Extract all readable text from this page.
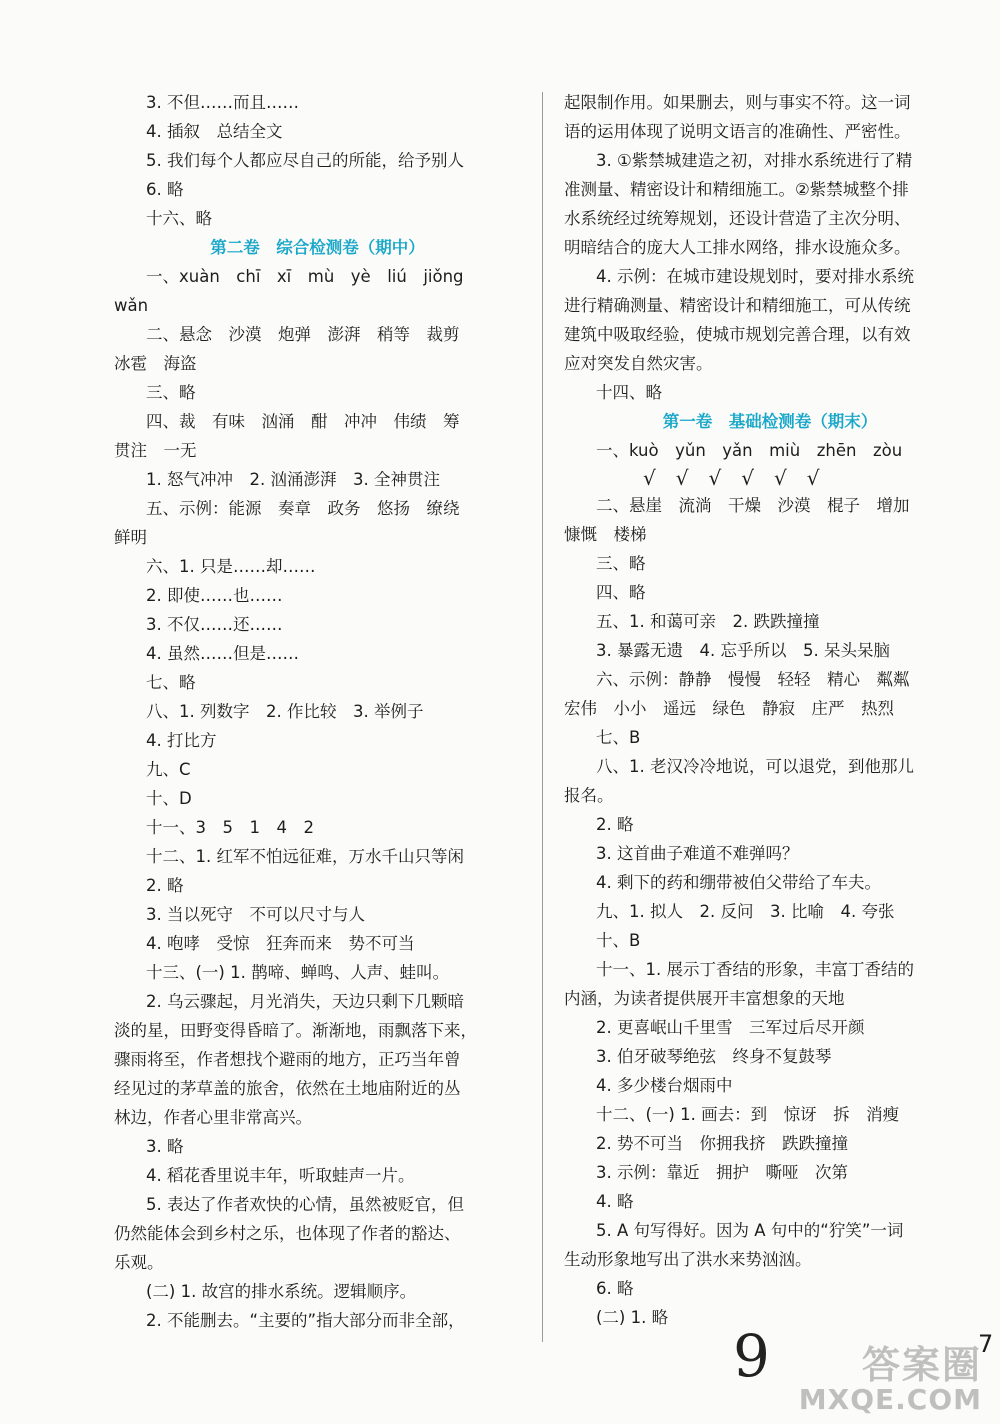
3. 不但……而且……
4. 插叙　总结全文
5. 我们每个人都应尽自己的所能，给予别人
6. 略
十六、略
第二卷　综合检测卷（期中）
一、xuàn　chī　xī　mù　yè　liú　jiǒng
wǎn
二、悬念　沙漠　炮弹　澎湃　稍等　裁剪
冰雹　海盗
三、略
四、裁　有味　汹涌　酣　冲冲　伟绩　筹
贯注　一无
1. 怒气冲冲　2. 汹涌澎湃　3. 全神贯注
五、示例：能源　奏章　政务　悠扬　缭绕
鲜明
六、1. 只是……却……
2. 即使……也……
3. 不仅……还……
4. 虽然……但是……
七、略
八、1. 列数字　2. 作比较　3. 举例子
4. 打比方
九、C
十、D
十一、3　5　1　4　2
十二、1. 红军不怕远征难，万水千山只等闲
2. 略
3. 当以死守　不可以尺寸与人
4. 咆哮　受惊　狂奔而来　势不可当
十三、(一) 1. 鹊啼、蝉鸣、人声、蛙叫。
2. 乌云骤起，月光消失，天边只剩下几颗暗
淡的星，田野变得昏暗了。渐渐地，雨飘落下来，
骤雨将至，作者想找个避雨的地方，正巧当年曾
经见过的茅草盖的旅舍，依然在土地庙附近的丛
林边，作者心里非常高兴。
3. 略
4. 稻花香里说丰年，听取蛙声一片。
5. 表达了作者欢快的心情，虽然被贬官，但
仍然能体会到乡村之乐，也体现了作者的豁达、
乐观。
(二) 1. 故宫的排水系统。逻辑顺序。
2. 不能删去。“主要的”指大部分而非全部，
起限制作用。如果删去，则与事实不符。这一词
语的运用体现了说明文语言的准确性、严密性。
3. ①紫禁城建造之初，对排水系统进行了精
准测量、精密设计和精细施工。②紫禁城整个排
水系统经过统筹规划，还设计营造了主次分明、
明暗结合的庞大人工排水网络，排水设施众多。
4. 示例：在城市建设规划时，要对排水系统
进行精确测量、精密设计和精细施工，可从传统
建筑中吸取经验，使城市规划完善合理，以有效
应对突发自然灾害。
十四、略
第一卷　基础检测卷（期末）
一、kuò　yǔn　yǎn　miù　zhēn　zòu
√　√　√　√　√　√
二、悬崖　流淌　干燥　沙漠　棍子　增加
慷慨　楼梯
三、略
四、略
五、1. 和蔼可亲　2. 跌跌撞撞
3. 暴露无遗　4. 忘乎所以　5. 呆头呆脑
六、示例：静静　慢慢　轻轻　精心　粼粼
宏伟　小小　遥远　绿色　静寂　庄严　热烈
七、B
八、1. 老汉冷冷地说，可以退党，到他那儿
报名。
2. 略
3. 这首曲子难道不难弹吗？
4. 剩下的药和绷带被伯父带给了车夫。
九、1. 拟人　2. 反问　3. 比喻　4. 夸张
十、B
十一、1. 展示丁香结的形象，丰富丁香结的
内涵，为读者提供展开丰富想象的天地
2. 更喜岷山千里雪　三军过后尽开颜
3. 伯牙破琴绝弦　终身不复鼓琴
4. 多少楼台烟雨中
十二、(一) 1. 画去：到　惊讶　拆　消瘦
2. 势不可当　你拥我挤　跌跌撞撞
3. 示例：靠近　拥护　嘶哑　次第
4. 略
5. A 句写得好。因为 A 句中的“狞笑”一词
生动形象地写出了洪水来势汹汹。
6. 略
(二) 1. 略
9	7
答案圈
MXQE.COM
